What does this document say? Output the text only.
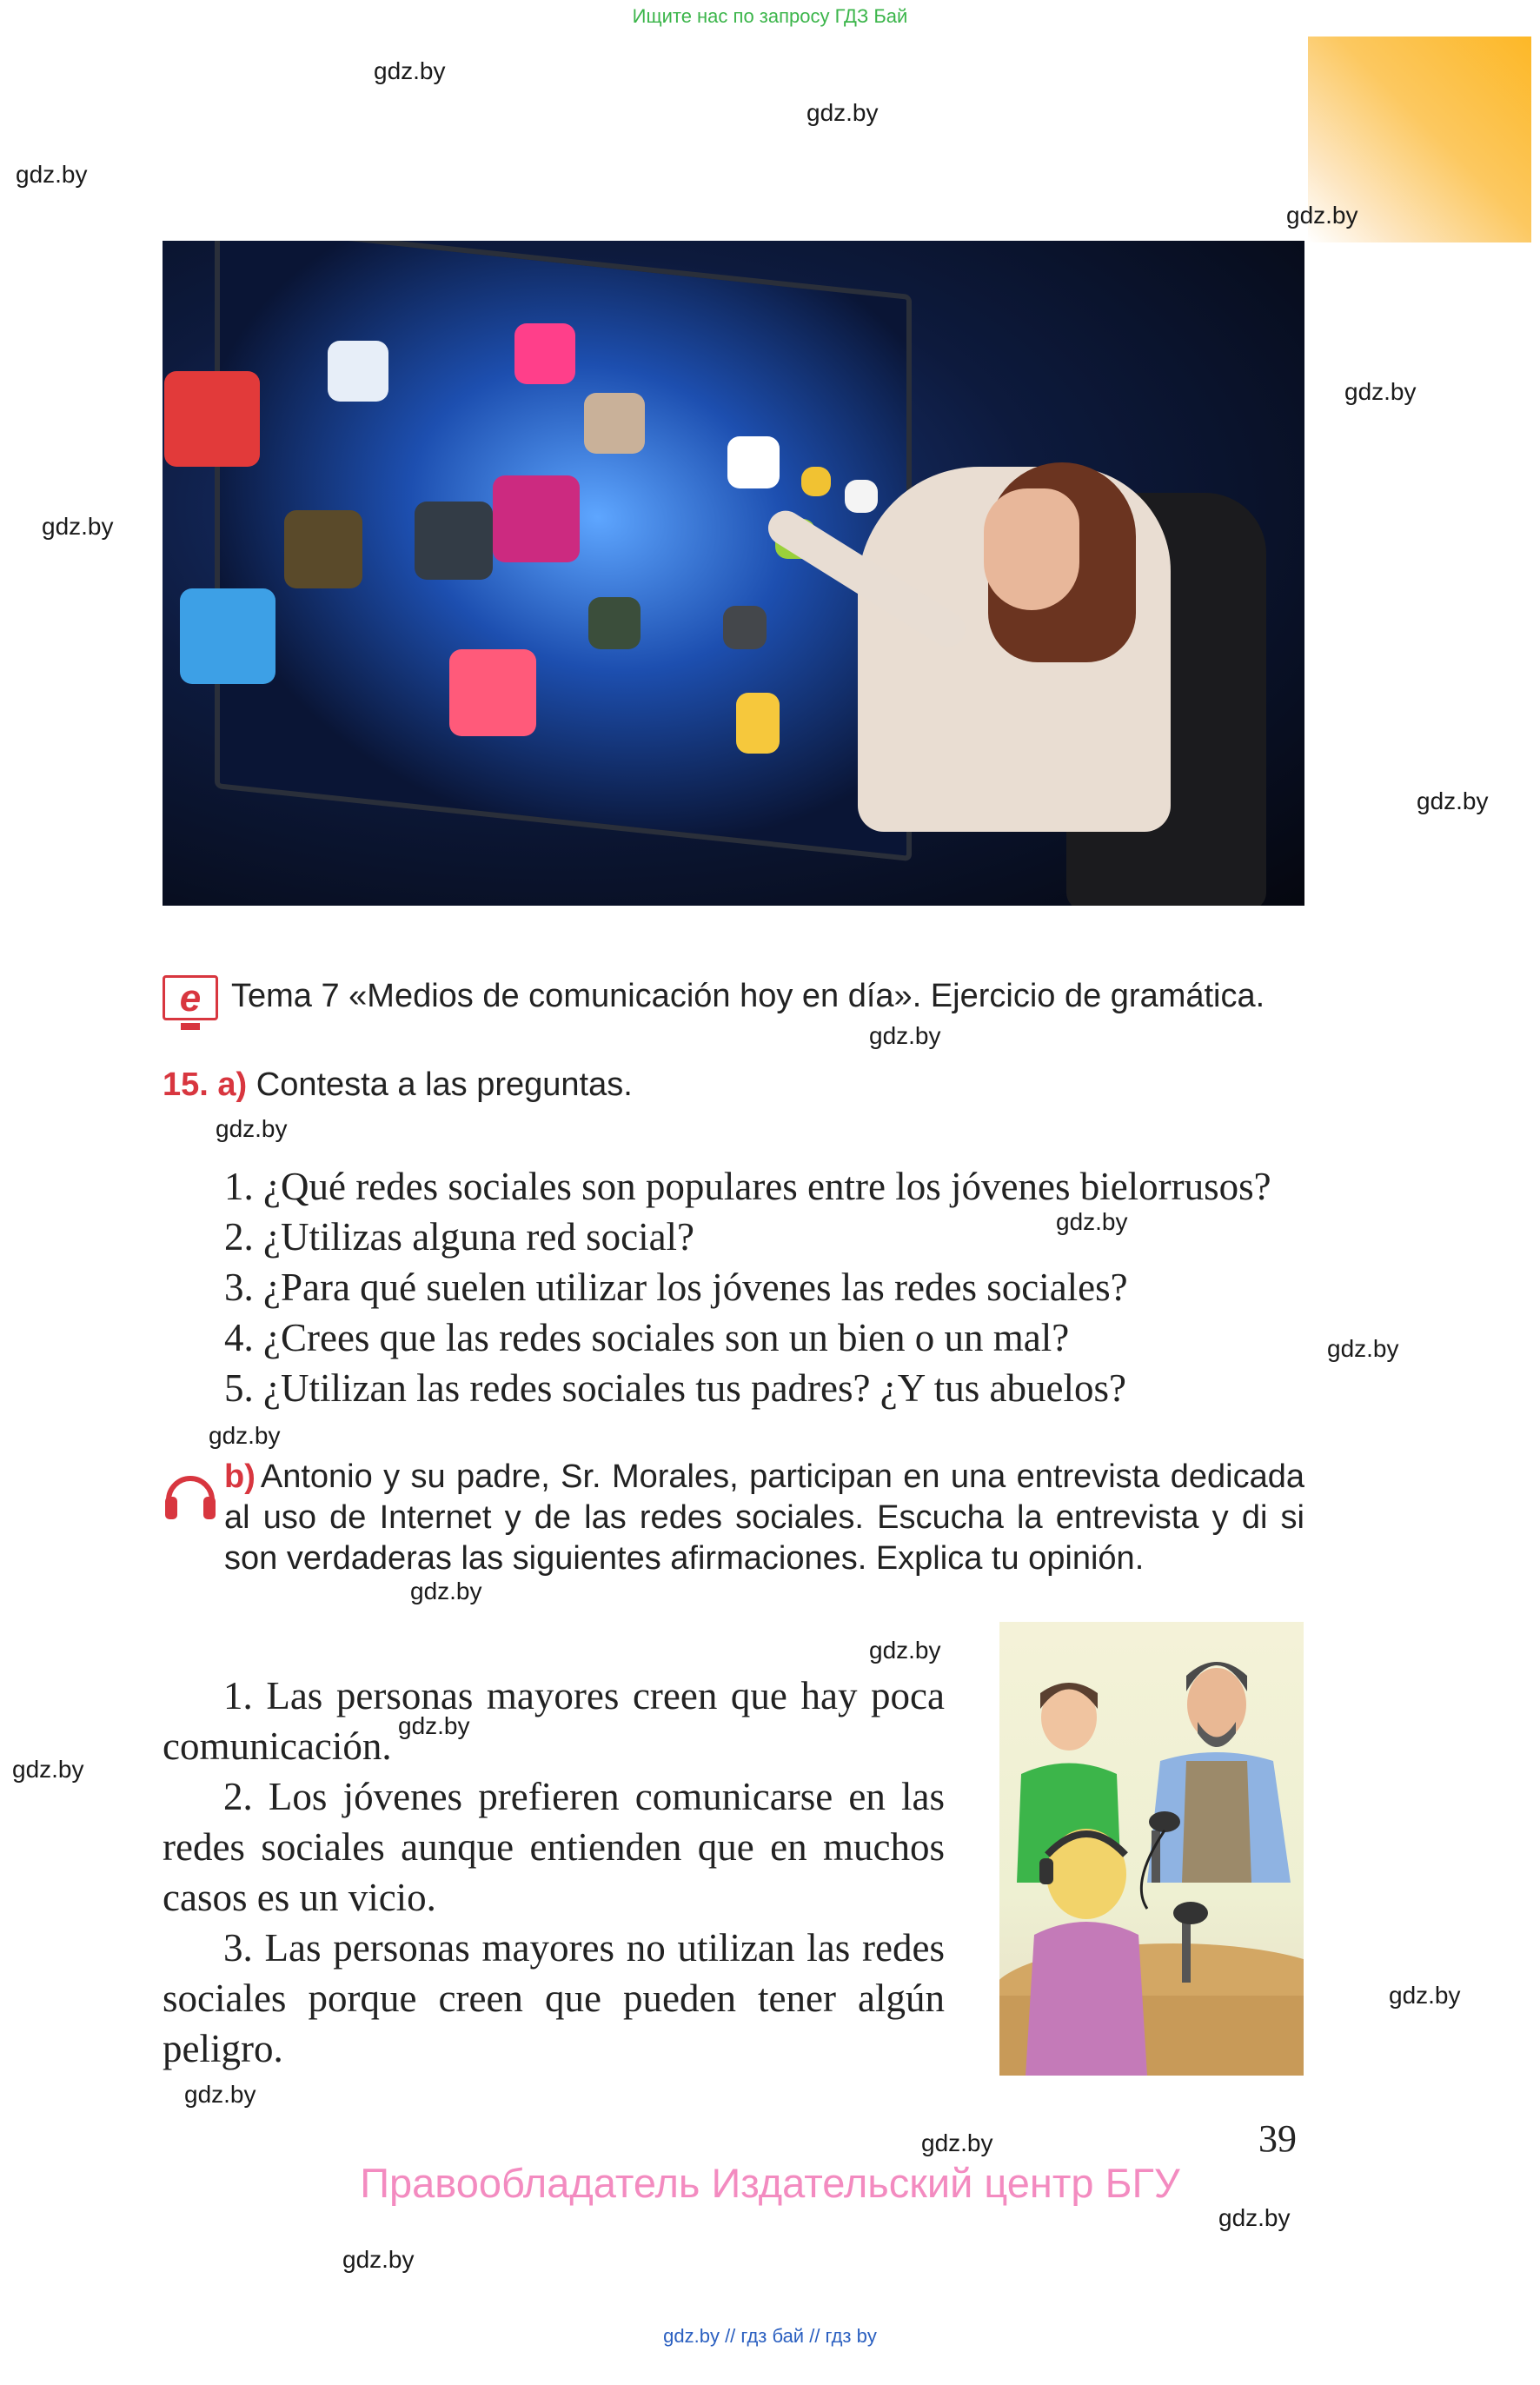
Ищите нас по запросу ГДЗ Бай
gdz.by
gdz.by
gdz.by
gdz.by
gdz.by
gdz.by
gdz.by
gdz.by
gdz.by
gdz.by
gdz.by
gdz.by
gdz.by
gdz.by
gdz.by
gdz.by
gdz.by
gdz.by
gdz.by
gdz.by
gdz.by
e Tema 7 «Medios de comunicación hoy en día». Ejercicio de gramática.
15. a) Contesta a las preguntas.
1. ¿Qué redes sociales son populares entre los jóvenes bielorrusos?
2. ¿Utilizas alguna red social?
3. ¿Para qué suelen utilizar los jóvenes las redes sociales?
4. ¿Crees que las redes sociales son un bien o un mal?
5. ¿Utilizan las redes sociales tus padres? ¿Y tus abuelos?
b) Antonio y su padre, Sr. Morales, participan en una entrevista dedicada al uso de Internet y de las redes sociales. Escucha la entrevista y di si son verdaderas las siguientes afirmaciones. Explica tu opinión.

1. Las personas mayores creen que hay poca comunicación.

2. Los jóvenes prefieren comunicarse en las redes sociales aunque entienden que en muchos casos es un vicio.

3. Las personas mayores no utilizan las redes sociales porque creen que pueden tener algún peligro.

39
Правообладатель Издательский центр БГУ
gdz.by // гдз бай // гдз by
